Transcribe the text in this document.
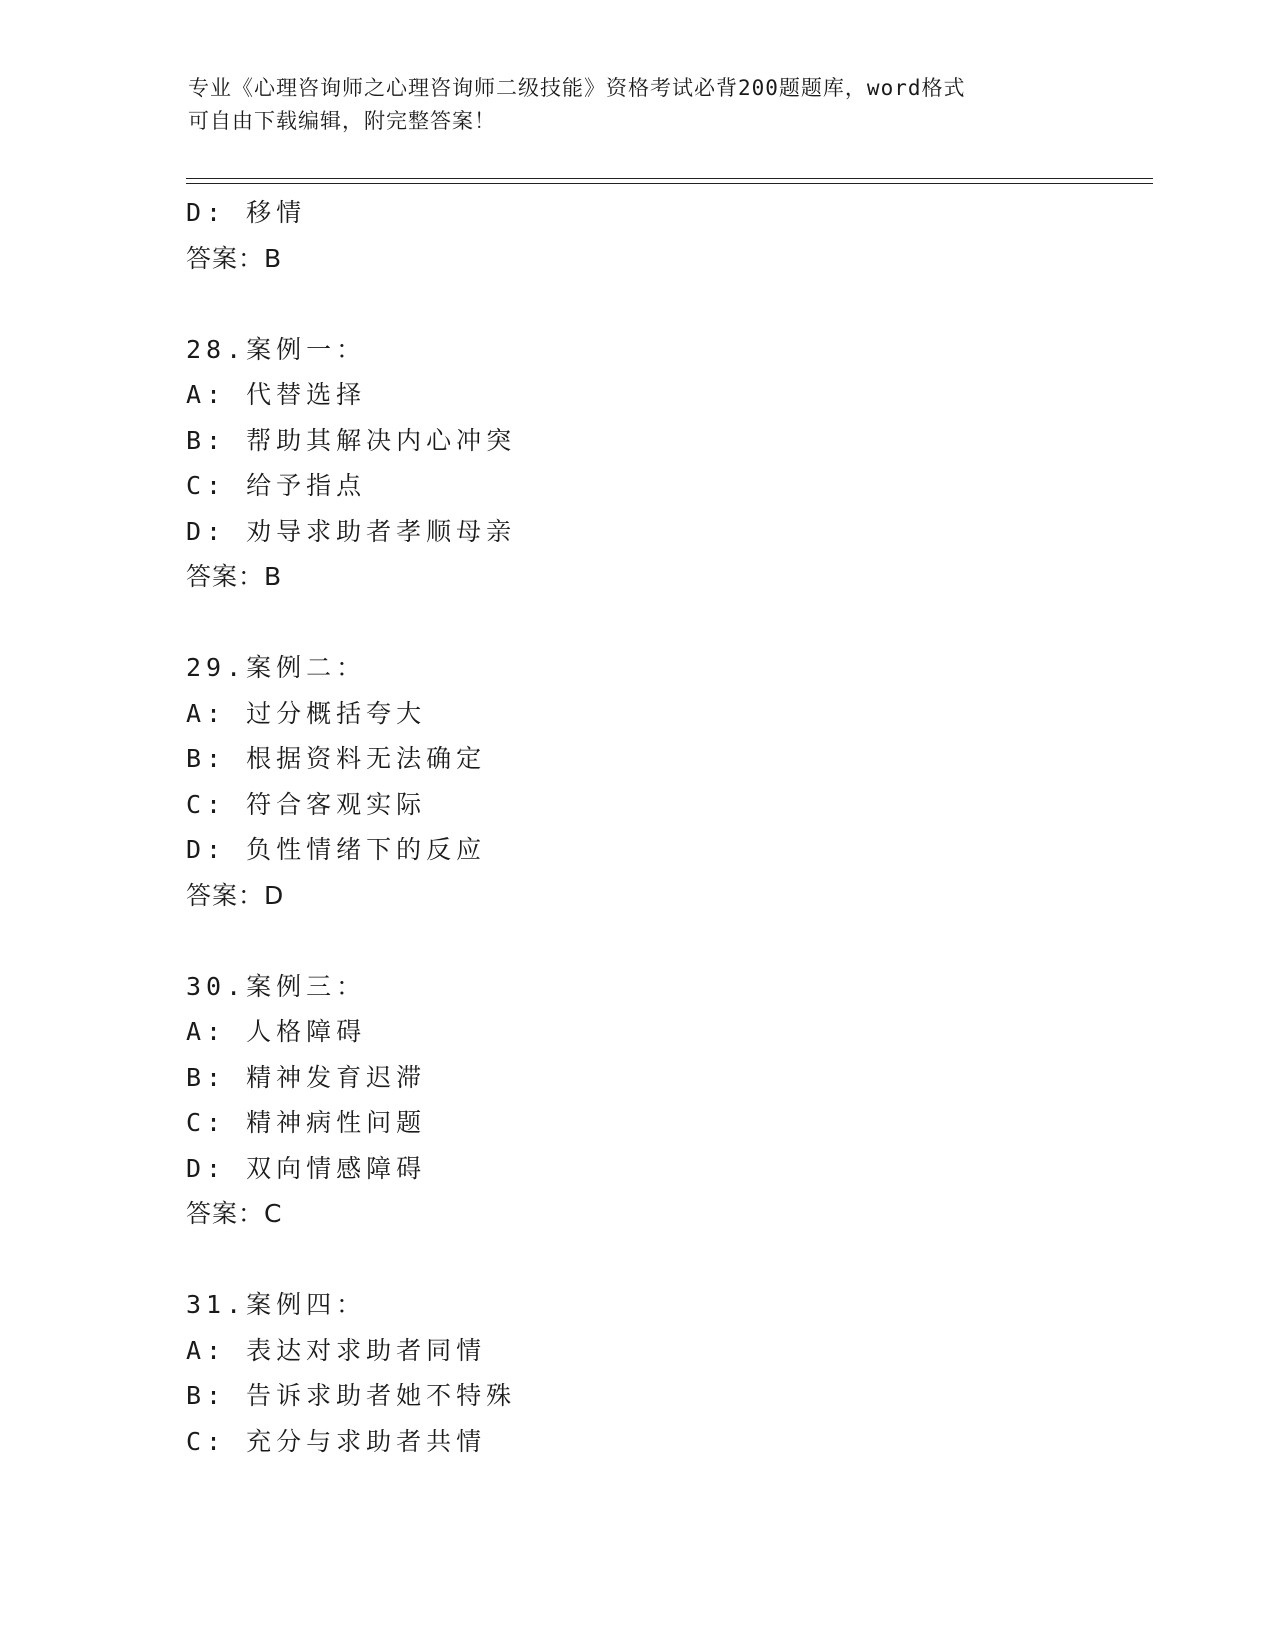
专业《心理咨询师之心理咨询师二级技能》资格考试必背200题题库，word格式
可自由下载编辑，附完整答案！
D: 移情
答案：B
28.案例一：
A: 代替选择
B: 帮助其解决内心冲突
C: 给予指点
D: 劝导求助者孝顺母亲
答案：B
29.案例二：
A: 过分概括夸大
B: 根据资料无法确定
C: 符合客观实际
D: 负性情绪下的反应
答案：D
30.案例三：
A: 人格障碍
B: 精神发育迟滞
C: 精神病性问题
D: 双向情感障碍
答案：C
31.案例四：
A: 表达对求助者同情
B: 告诉求助者她不特殊
C: 充分与求助者共情
